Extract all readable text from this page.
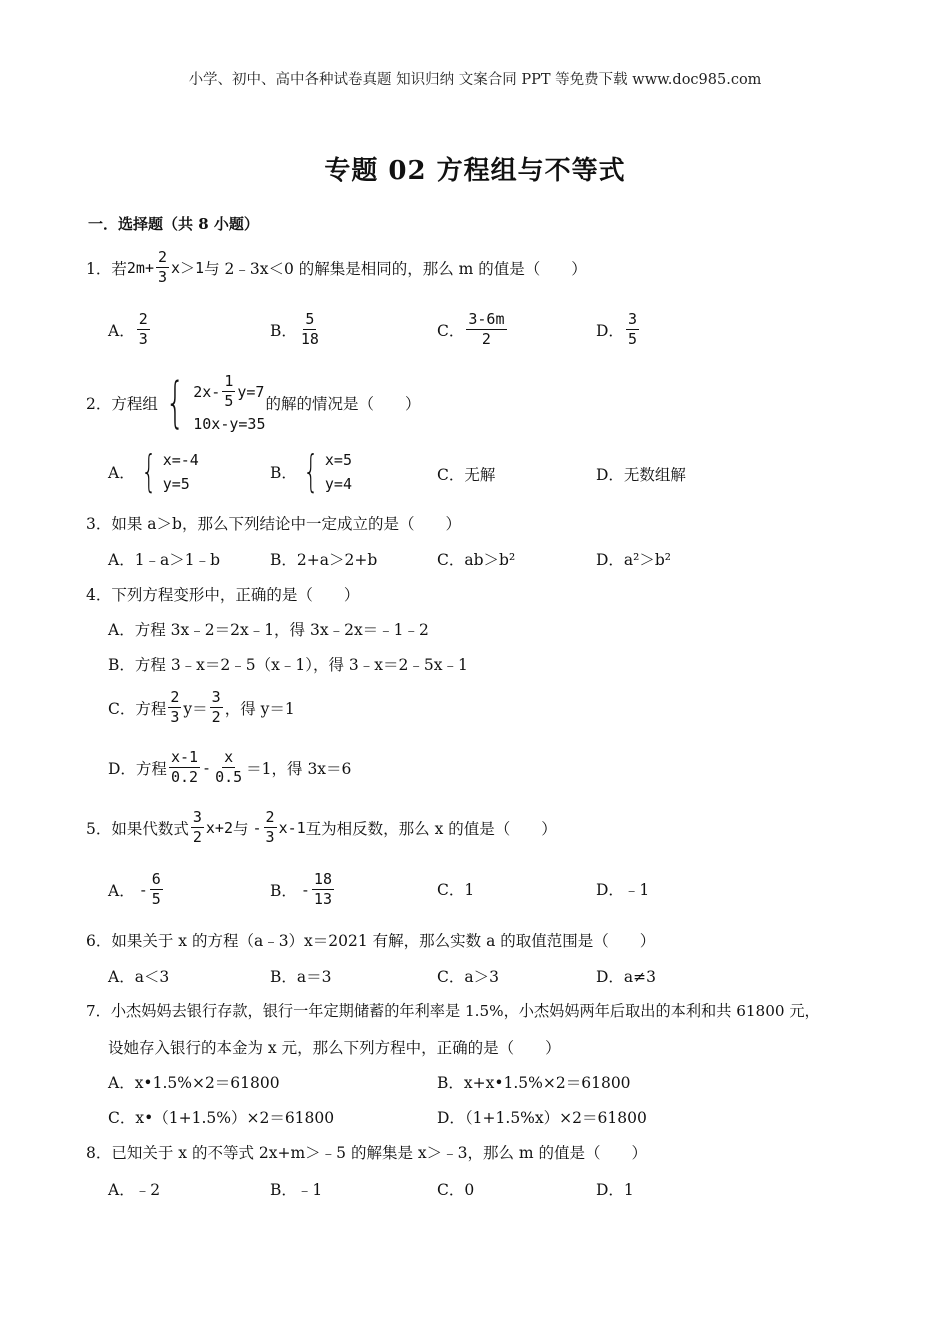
小学、初中、高中各种试卷真题 知识归纳 文案合同 PPT 等免费下载 www.doc985.com
专题 02 方程组与不等式
一．选择题（共 8 小题）
1． 若 $2m+ \frac{2}{3} x>1$ 与 2﹣3x＜0 的解集是相同的，那么 m 的值是（　　）
A． $\frac{2}{3}$	B． $\frac{5}{18}$	C． $\frac{3-6m}{2}$	D． $\frac{3}{5}$
2． 方程组 { $2x- \frac{1}{5} y=7$
10x-y=35
的解的情况是（　　）
A． { x=-4
y=5
B． { x=5
y=4	C．无解	D．无数组解
3．如果 a＞b，那么下列结论中一定成立的是（　　）
A．1﹣a＞1﹣b	B．2+a＞2+b	C．ab＞b²	D．a²＞b²
4．下列方程变形中，正确的是（　　）
A．方程 3x﹣2＝2x﹣1，得 3x﹣2x＝﹣1﹣2
B．方程 3﹣x＝2﹣5（x﹣1），得 3﹣x＝2﹣5x﹣1
C．方程 $\frac{2}{3} y= \frac{3}{2}$ ，得 y＝1
D．方程 $\frac{x-1}{0.2} - \frac{x}{0.5} =1$，得 3x＝6
5．如果代数式 $\frac{3}{2} x+2$ 与 - $\frac{2}{3} x-1$ 互为相反数，那么 x 的值是（　　）
A． - $\frac{6}{5}$	B． - $\frac{18}{13}$	C．1	D．﹣1
6．如果关于 x 的方程（a﹣3）x＝2021 有解，那么实数 a 的取值范围是（　　）
A．a＜3	B．a＝3	C．a＞3	D．a≠3
7．小杰妈妈去银行存款，银行一年定期储蓄的年利率是 1.5%，小杰妈妈两年后取出的本利和共 61800 元，
设她存入银行的本金为 x 元，那么下列方程中，正确的是（　　）
A．x•1.5%×2＝61800	B．x+x•1.5%×2＝61800
C．x•（1+1.5%）×2＝61800	D．（1+1.5%x）×2＝61800
8．已知关于 x 的不等式 2x+m＞﹣5 的解集是 x＞﹣3，那么 m 的值是（　　）
A．﹣2	B．﹣1	C．0	D．1
